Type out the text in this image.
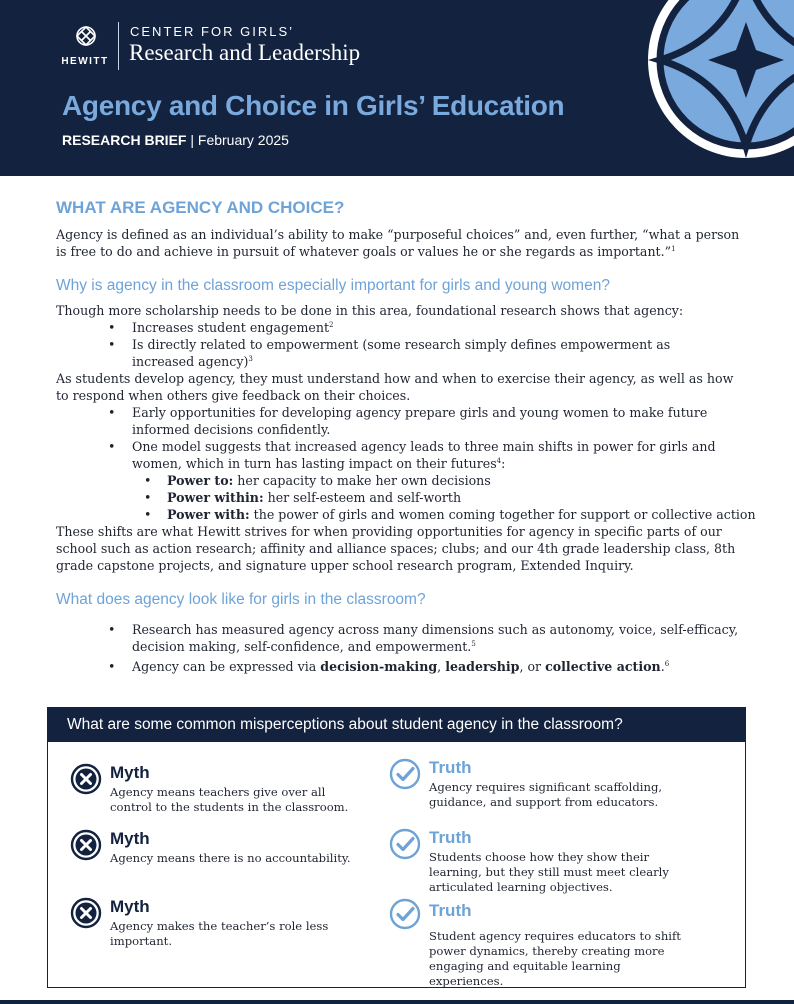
HEWITT
CENTER FOR GIRLS’
Research and Leadership
Agency and Choice in Girls’ Education
RESEARCH BRIEF | February 2025
WHAT ARE AGENCY AND CHOICE?

Agency is defined as an individual’s ability to make “purposeful choices” and, even further, “what a person is free to do and achieve in pursuit of whatever goals or values he or she regards as important.”$^1$

Why is agency in the classroom especially important for girls and young women?

Though more scholarship needs to be done in this area, foundational research shows that agency:

• Increases student engagement$^2$
• Is directly related to empowerment (some research simply defines empowerment as increased agency)$^3$

As students develop agency, they must understand how and when to exercise their agency, as well as how to respond when others give feedback on their choices.

• Early opportunities for developing agency prepare girls and young women to make future informed decisions confidently.
• One model suggests that increased agency leads to three main shifts in power for girls and women, which in turn has lasting impact on their futures$^4$:
• Power to: her capacity to make her own decisions
• Power within: her self-esteem and self-worth
• Power with: the power of girls and women coming together for support or collective action

These shifts are what Hewitt strives for when providing opportunities for agency in specific parts of our school such as action research; affinity and alliance spaces; clubs; and our 4th grade leadership class, 8th grade capstone projects, and signature upper school research program, Extended Inquiry.

What does agency look like for girls in the classroom?
• Research has measured agency across many dimensions such as autonomy, voice, self-efficacy, decision making, self-confidence, and empowerment.$^5$
• Agency can be expressed via decision-making, leadership, or collective action.$^6$
What are some common misperceptions about student agency in the classroom?
Myth
Agency means teachers give over all control to the students in the classroom.
Myth
Agency means there is no accountability.
Myth
Agency makes the teacher’s role less important.
Truth
Agency requires significant scaffolding, guidance, and support from educators.
Truth
Students choose how they show their learning, but they still must meet clearly articulated learning objectives.
Truth
Student agency requires educators to shift power dynamics, thereby creating more engaging and equitable learning experiences.
